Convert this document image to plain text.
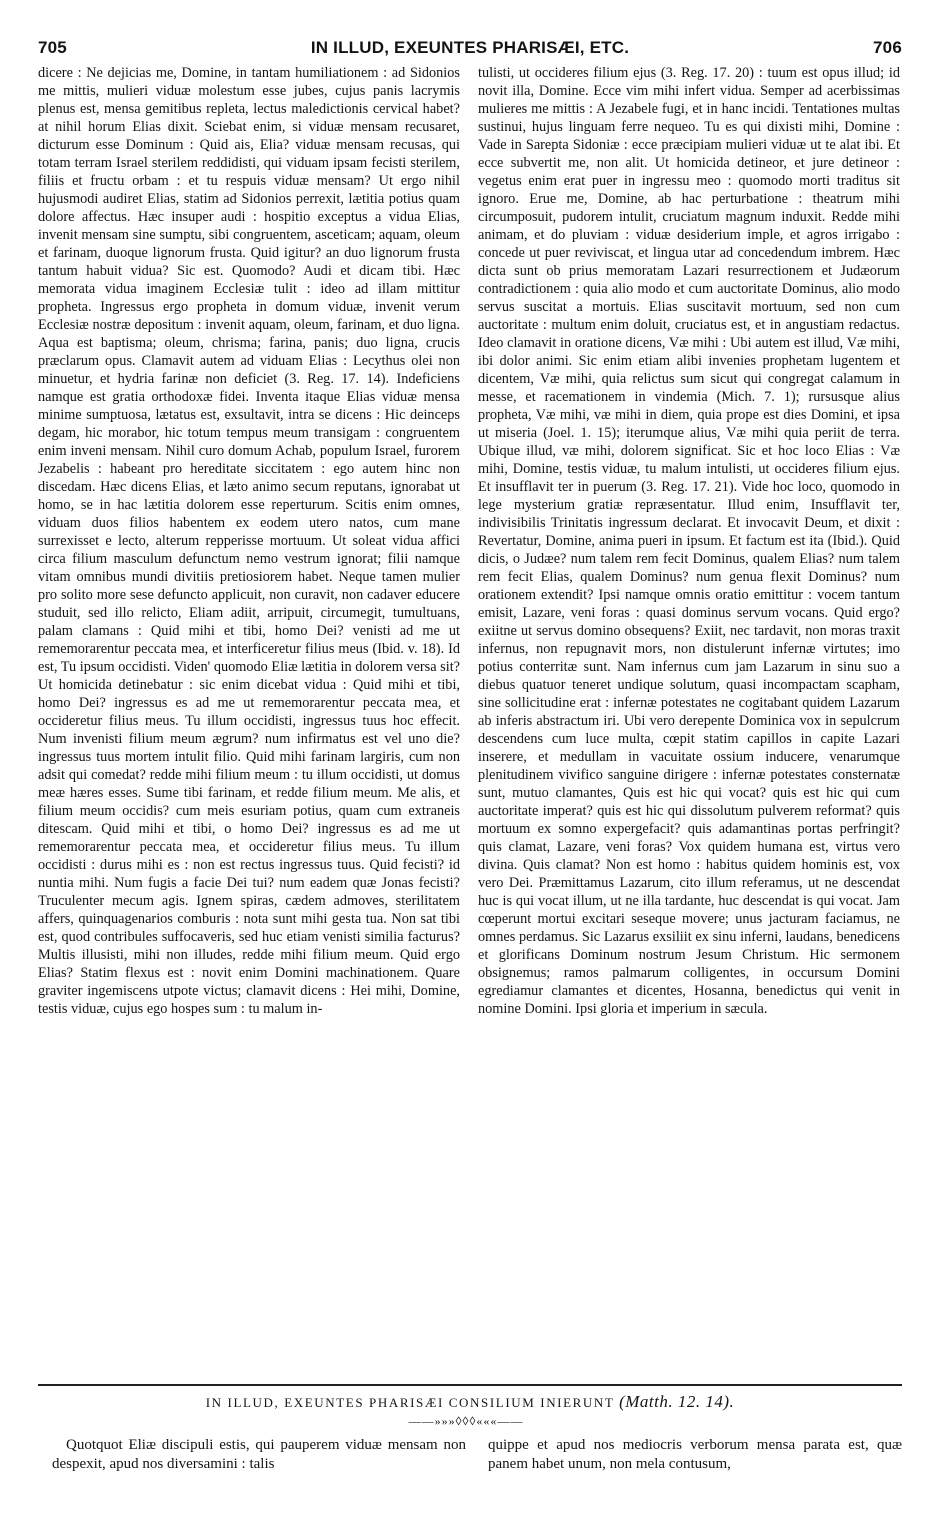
705	IN ILLUD, EXEUNTES PHARISÆI, ETC.	706

dicere : Ne dejicias me, Domine, in tantam humiliationem : ad Sidonios me mittis, mulieri viduæ molestum esse jubes, cujus panis lacrymis plenus est, mensa gemitibus repleta, lectus maledictionis cervical habet? at nihil horum Elias dixit. Sciebat enim, si viduæ mensam recusaret, dicturum esse Dominum : Quid ais, Elia? viduæ mensam recusas, qui totam terram Israel sterilem reddidisti, qui viduam ipsam fecisti sterilem, filiis et fructu orbam : et tu respuis viduæ mensam? Ut ergo nihil hujusmodi audiret Elias, statim ad Sidonios perrexit, lætitia potius quam dolore affectus. Hæc insuper audi : hospitio exceptus a vidua Elias, invenit mensam sine sumptu, sibi congruentem, asceticam; aquam, oleum et farinam, duoque lignorum frusta. Quid igitur? an duo lignorum frusta tantum habuit vidua? Sic est. Quomodo? Audi et dicam tibi. Hæc memorata vidua imaginem Ecclesiæ tulit : ideo ad illam mittitur propheta. Ingressus ergo propheta in domum viduæ, invenit verum Ecclesiæ nostræ depositum : invenit aquam, oleum, farinam, et duo ligna. Aqua est baptisma; oleum, chrisma; farina, panis; duo ligna, crucis præclarum opus. Clamavit autem ad viduam Elias : Lecythus olei non minuetur, et hydria farinæ non deficiet (3. Reg. 17. 14). Indeficiens namque est gratia orthodoxæ fidei. Inventa itaque Elias viduæ mensa minime sumptuosa, lætatus est, exsultavit, intra se dicens : Hic deinceps degam, hic morabor, hic totum tempus meum transigam : congruentem enim inveni mensam. Nihil curo domum Achab, populum Israel, furorem Jezabelis : habeant pro hereditate siccitatem : ego autem hinc non discedam. Hæc dicens Elias, et læto animo secum reputans, ignorabat ut homo, se in hac lætitia dolorem esse reperturum. Scitis enim omnes, viduam duos filios habentem ex eodem utero natos, cum mane surrexisset e lecto, alterum repperisse mortuum. Ut soleat vidua affici circa filium masculum defunctum nemo vestrum ignorat; filii namque vitam omnibus mundi divitiis pretiosiorem habet. Neque tamen mulier pro solito more sese defuncto applicuit, non curavit, non cadaver educere studuit, sed illo relicto, Eliam adiit, arripuit, circumegit, tumultuans, palam clamans : Quid mihi et tibi, homo Dei? venisti ad me ut rememorarentur peccata mea, et interficeretur filius meus (Ibid. v. 18). Id est, Tu ipsum occidisti. Viden' quomodo Eliæ lætitia in dolorem versa sit? Ut homicida detinebatur : sic enim dicebat vidua : Quid mihi et tibi, homo Dei? ingressus es ad me ut rememorarentur peccata mea, et occideretur filius meus. Tu illum occidisti, ingressus tuus hoc effecit. Num invenisti filium meum ægrum? num infirmatus est vel uno die? ingressus tuus mortem intulit filio. Quid mihi farinam largiris, cum non adsit qui comedat? redde mihi filium meum : tu illum occidisti, ut domus meæ hæres esses. Sume tibi farinam, et redde filium meum. Me alis, et filium meum occidis? cum meis esuriam potius, quam cum extraneis ditescam. Quid mihi et tibi, o homo Dei? ingressus es ad me ut rememorarentur peccata mea, et occideretur filius meus. Tu illum occidisti : durus mihi es : non est rectus ingressus tuus. Quid fecisti? id nuntia mihi. Num fugis a facie Dei tui? num eadem quæ Jonas fecisti? Truculenter mecum agis. Ignem spiras, cædem admoves, sterilitatem affers, quinquagenarios comburis : nota sunt mihi gesta tua. Non sat tibi est, quod contribules suffocaveris, sed huc etiam venisti similia facturus? Multis illusisti, mihi non illudes, redde mihi filium meum. Quid ergo Elias? Statim flexus est : novit enim Domini machinationem. Quare graviter ingemiscens utpote victus; clamavit dicens : Hei mihi, Domine, testis viduæ, cujus ego hospes sum : tu malum in-

tulisti, ut occideres filium ejus (3. Reg. 17. 20) : tuum est opus illud; id novit illa, Domine. Ecce vim mihi infert vidua. Semper ad acerbissimas mulieres me mittis : A Jezabele fugi, et in hanc incidi. Tentationes multas sustinui, hujus linguam ferre nequeo. Tu es qui dixisti mihi, Domine : Vade in Sarepta Sidoniæ : ecce præcipiam mulieri viduæ ut te alat ibi. Et ecce subvertit me, non alit. Ut homicida detineor, et jure detineor : vegetus enim erat puer in ingressu meo : quomodo morti traditus sit ignoro. Erue me, Domine, ab hac perturbatione : theatrum mihi circumposuit, pudorem intulit, cruciatum magnum induxit. Redde mihi animam, et do pluviam : viduæ desiderium imple, et agros irrigabo : concede ut puer reviviscat, et lingua utar ad concedendum imbrem. Hæc dicta sunt ob prius memoratam Lazari resurrectionem et Judæorum contradictionem : quia alio modo et cum auctoritate Dominus, alio modo servus suscitat a mortuis. Elias suscitavit mortuum, sed non cum auctoritate : multum enim doluit, cruciatus est, et in angustiam redactus. Ideo clamavit in oratione dicens, Væ mihi : Ubi autem est illud, Væ mihi, ibi dolor animi. Sic enim etiam alibi invenies prophetam lugentem et dicentem, Væ mihi, quia relictus sum sicut qui congregat calamum in messe, et racemationem in vindemia (Mich. 7. 1); rursusque alius propheta, Væ mihi, væ mihi in diem, quia prope est dies Domini, et ipsa ut miseria (Joel. 1. 15); iterumque alius, Væ mihi quia periit de terra. Ubique illud, væ mihi, dolorem significat. Sic et hoc loco Elias : Væ mihi, Domine, testis viduæ, tu malum intulisti, ut occideres filium ejus. Et insufflavit ter in puerum (3. Reg. 17. 21). Vide hoc loco, quomodo in lege mysterium gratiæ repræsentatur. Illud enim, Insufflavit ter, indivisibilis Trinitatis ingressum declarat. Et invocavit Deum, et dixit : Revertatur, Domine, anima pueri in ipsum. Et factum est ita (Ibid.). Quid dicis, o Judæe? num talem rem fecit Dominus, qualem Elias? num talem rem fecit Elias, qualem Dominus? num genua flexit Dominus? num orationem extendit? Ipsi namque omnis oratio emittitur : vocem tantum emisit, Lazare, veni foras : quasi dominus servum vocans. Quid ergo? exiitne ut servus domino obsequens? Exiit, nec tardavit, non moras traxit infernus, non repugnavit mors, non distulerunt infernæ virtutes; imo potius conterritæ sunt. Nam infernus cum jam Lazarum in sinu suo a diebus quatuor teneret undique solutum, quasi incompactam scapham, sine sollicitudine erat : infernæ potestates ne cogitabant quidem Lazarum ab inferis abstractum iri. Ubi vero derepente Dominica vox in sepulcrum descendens cum luce multa, cœpit statim capillos in capite Lazari inserere, et medullam in vacuitate ossium inducere, venarumque plenitudinem vivifico sanguine dirigere : infernæ potestates consternatæ sunt, mutuo clamantes, Quis est hic qui vocat? quis est hic qui cum auctoritate imperat? quis est hic qui dissolutum pulverem reformat? quis mortuum ex somno expergefacit? quis adamantinas portas perfringit? quis clamat, Lazare, veni foras? Vox quidem humana est, virtus vero divina. Quis clamat? Non est homo : habitus quidem hominis est, vox vero Dei. Præmittamus Lazarum, cito illum referamus, ut ne descendat huc is qui vocat illum, ut ne illa tardante, huc descendat is qui vocat. Jam cœperunt mortui excitari seseque movere; unus jacturam faciamus, ne omnes perdamus. Sic Lazarus exsiliit ex sinu inferni, laudans, benedicens et glorificans Dominum nostrum Jesum Christum. Hic sermonem obsignemus; ramos palmarum colligentes, in occursum Domini egrediamur clamantes et dicentes, Hosanna, benedictus qui venit in nomine Domini. Ipsi gloria et imperium in sæcula.

IN ILLUD, EXEUNTES PHARISÆI CONSILIUM INIERUNT (Matth. 12. 14).
——»»»◊◊◊«««——
Quotquot Eliæ discipuli estis, qui pauperem viduæ mensam non despexit, apud nos diversamini : talis
quippe et apud nos mediocris verborum mensa parata est, quæ panem habet unum, non mela contusum,
